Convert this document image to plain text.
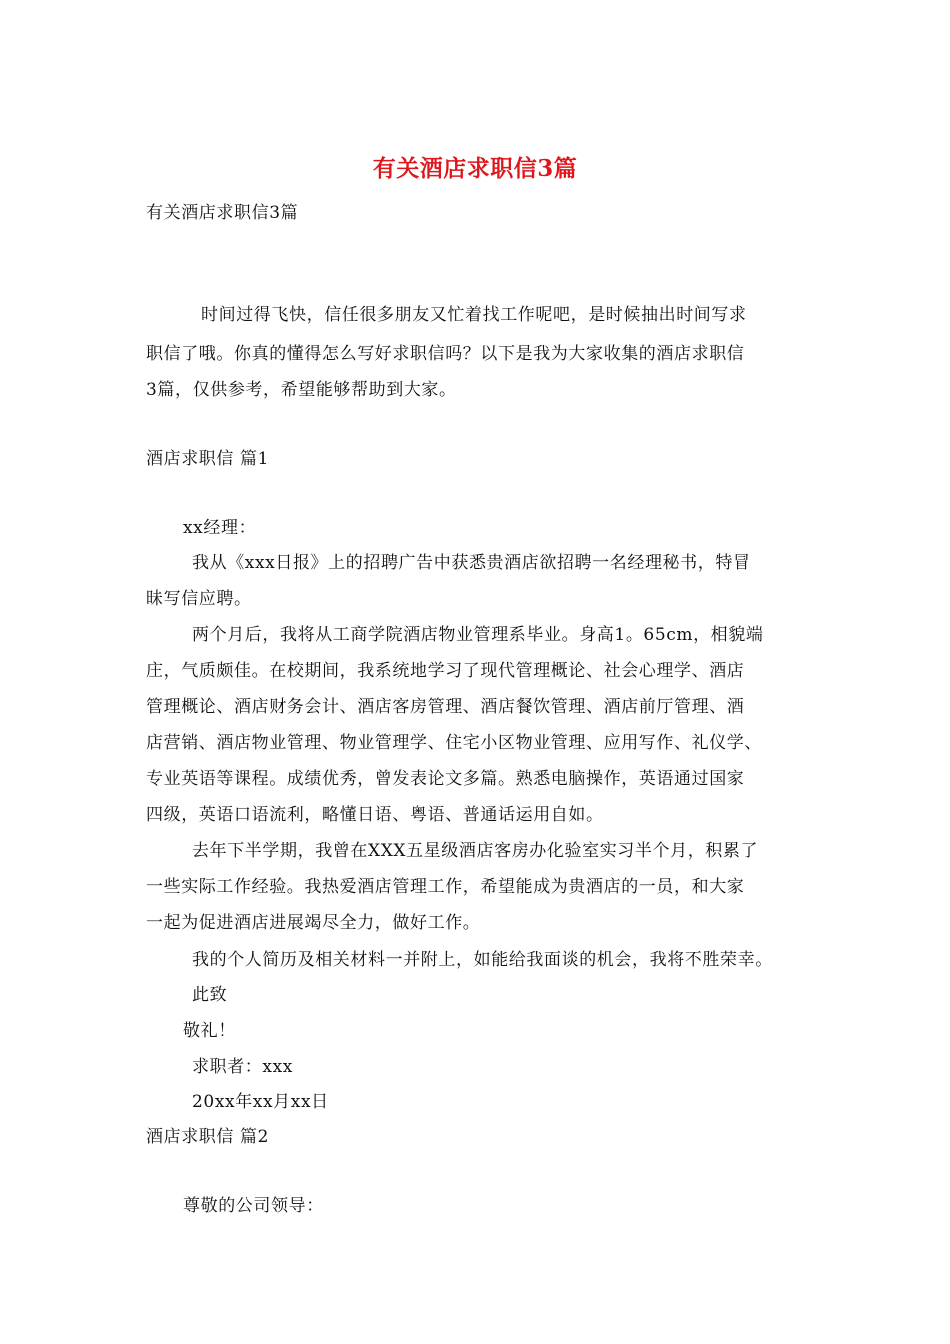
有关酒店求职信3篇
有关酒店求职信3篇
时间过得飞快，信任很多朋友又忙着找工作呢吧，是时候抽出时间写求
职信了哦。你真的懂得怎么写好求职信吗？以下是我为大家收集的酒店求职信
3篇，仅供参考，希望能够帮助到大家。
酒店求职信 篇1
xx经理：
我从《xxx日报》上的招聘广告中获悉贵酒店欲招聘一名经理秘书，特冒
昧写信应聘。
两个月后，我将从工商学院酒店物业管理系毕业。身高1。65cm，相貌端
庄，气质颇佳。在校期间，我系统地学习了现代管理概论、社会心理学、酒店
管理概论、酒店财务会计、酒店客房管理、酒店餐饮管理、酒店前厅管理、酒
店营销、酒店物业管理、物业管理学、住宅小区物业管理、应用写作、礼仪学、
专业英语等课程。成绩优秀，曾发表论文多篇。熟悉电脑操作，英语通过国家
四级，英语口语流利，略懂日语、粤语、普通话运用自如。
去年下半学期，我曾在XXX五星级酒店客房办化验室实习半个月，积累了
一些实际工作经验。我热爱酒店管理工作，希望能成为贵酒店的一员，和大家
一起为促进酒店进展竭尽全力，做好工作。
我的个人简历及相关材料一并附上，如能给我面谈的机会，我将不胜荣幸。
此致
敬礼！
求职者：xxx
20xx年xx月xx日
酒店求职信 篇2
尊敬的公司领导：
